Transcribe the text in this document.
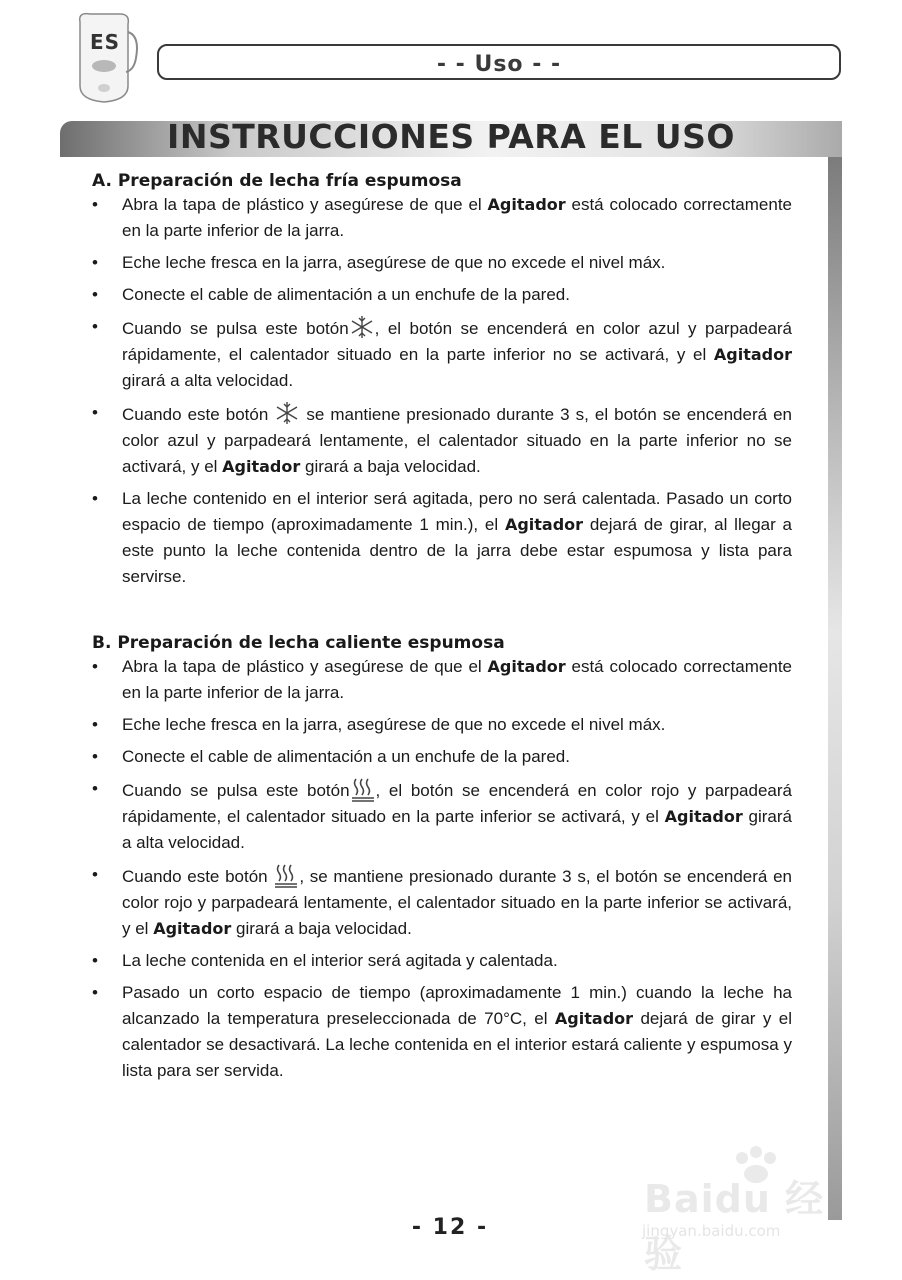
ES
- - Uso - -
INSTRUCCIONES PARA EL USO
A. Preparación de lecha fría espumosa
• Abra la tapa de plástico y asegúrese de que el Agitador está colocado correctamente en la parte inferior de la jarra.
• Eche leche fresca en la jarra, asegúrese de que no excede el nivel máx.
• Conecte el cable de alimentación a un enchufe de la pared.
• Cuando se pulsa este botón , el botón se encenderá en color azul y parpadeará rápidamente, el calentador situado en la parte inferior no se activará, y el Agitador girará a alta velocidad.
• Cuando este botón  se mantiene presionado durante 3 s, el botón se encenderá en color azul y parpadeará lentamente, el calentador situado en la parte inferior no se activará, y el Agitador girará a baja velocidad.
• La leche contenido en el interior será agitada, pero no será calentada. Pasado un corto espacio de tiempo (aproximadamente 1 min.), el Agitador dejará de girar, al llegar a este punto la leche contenida dentro de la jarra debe estar espumosa y lista para servirse.
B. Preparación de lecha caliente espumosa
• Abra la tapa de plástico y asegúrese de que el Agitador está colocado correctamente en la parte inferior de la jarra.
• Eche leche fresca en la jarra, asegúrese de que no excede el nivel máx.
• Conecte el cable de alimentación a un enchufe de la pared.
• Cuando se pulsa este botón , el botón se encenderá en color rojo y parpadeará rápidamente, el calentador situado en la parte inferior se activará, y el Agitador girará a alta velocidad.
• Cuando este botón , se mantiene presionado durante 3 s, el botón se encenderá en color rojo y parpadeará lentamente, el calentador situado en la parte inferior se activará, y el Agitador girará a baja velocidad.
• La leche contenida en el interior será agitada y calentada.
• Pasado un corto espacio de tiempo (aproximadamente 1 min.) cuando la leche ha alcanzado la temperatura preseleccionada de 70°C, el Agitador dejará de girar y el calentador se desactivará. La leche contenida en el interior estará caliente y espumosa y lista para ser servida.
Baidu 经验
jingyan.baidu.com
- 12 -
